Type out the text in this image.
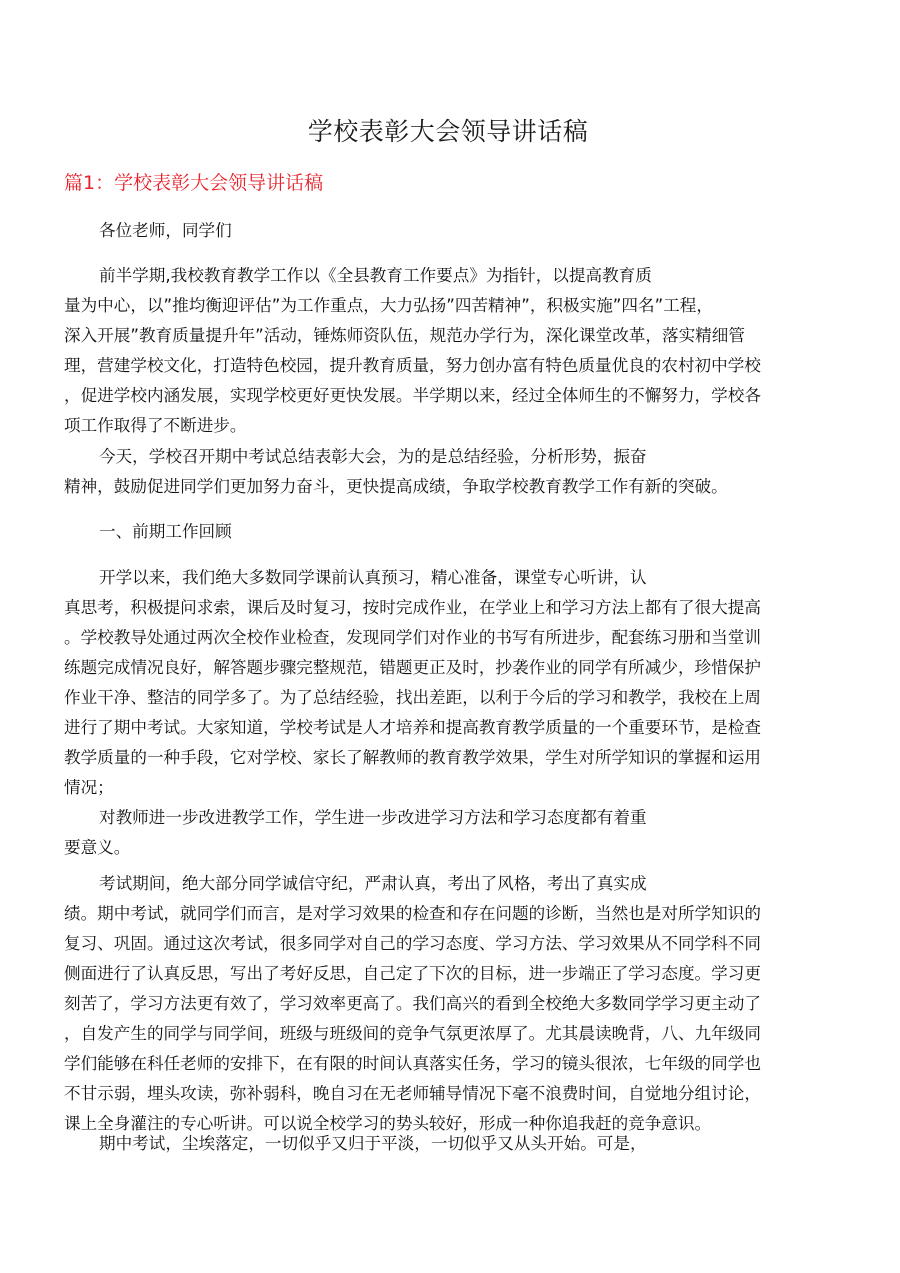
学校表彰大会领导讲话稿
篇1：学校表彰大会领导讲话稿
各位老师，同学们
前半学期,我校教育教学工作以《全县教育工作要点》为指针，以提高教育质
量为中心，以”推均衡迎评估”为工作重点，大力弘扬”四苦精神”，积极实施”四名”工程，
深入开展”教育质量提升年”活动，锤炼师资队伍，规范办学行为，深化课堂改革，落实精细管
理，营建学校文化，打造特色校园，提升教育质量，努力创办富有特色质量优良的农村初中学校
，促进学校内涵发展，实现学校更好更快发展。半学期以来，经过全体师生的不懈努力，学校各
项工作取得了不断进步。
今天，学校召开期中考试总结表彰大会，为的是总结经验，分析形势，振奋
精神，鼓励促进同学们更加努力奋斗，更快提高成绩，争取学校教育教学工作有新的突破。
一、前期工作回顾
开学以来，我们绝大多数同学课前认真预习，精心准备，课堂专心听讲，认
真思考，积极提问求索，课后及时复习，按时完成作业，在学业上和学习方法上都有了很大提高
。学校教导处通过两次全校作业检查，发现同学们对作业的书写有所进步，配套练习册和当堂训
练题完成情况良好，解答题步骤完整规范，错题更正及时，抄袭作业的同学有所减少，珍惜保护
作业干净、整洁的同学多了。为了总结经验，找出差距，以利于今后的学习和教学，我校在上周
进行了期中考试。大家知道，学校考试是人才培养和提高教育教学质量的一个重要环节，是检查
教学质量的一种手段，它对学校、家长了解教师的教育教学效果，学生对所学知识的掌握和运用
情况；
对教师进一步改进教学工作，学生进一步改进学习方法和学习态度都有着重
要意义。
考试期间，绝大部分同学诚信守纪，严肃认真，考出了风格，考出了真实成
绩。期中考试，就同学们而言，是对学习效果的检查和存在问题的诊断，当然也是对所学知识的
复习、巩固。通过这次考试，很多同学对自己的学习态度、学习方法、学习效果从不同学科不同
侧面进行了认真反思，写出了考好反思，自己定了下次的目标，进一步端正了学习态度。学习更
刻苦了，学习方法更有效了，学习效率更高了。我们高兴的看到全校绝大多数同学学习更主动了
，自发产生的同学与同学间，班级与班级间的竞争气氛更浓厚了。尤其晨读晚背，八、九年级同
学们能够在科任老师的安排下，在有限的时间认真落实任务，学习的镜头很浓，七年级的同学也
不甘示弱，埋头攻读，弥补弱科，晚自习在无老师辅导情况下毫不浪费时间，自觉地分组讨论，
课上全身灌注的专心听讲。可以说全校学习的势头较好，形成一种你追我赶的竞争意识。
期中考试，尘埃落定，一切似乎又归于平淡，一切似乎又从头开始。可是，
